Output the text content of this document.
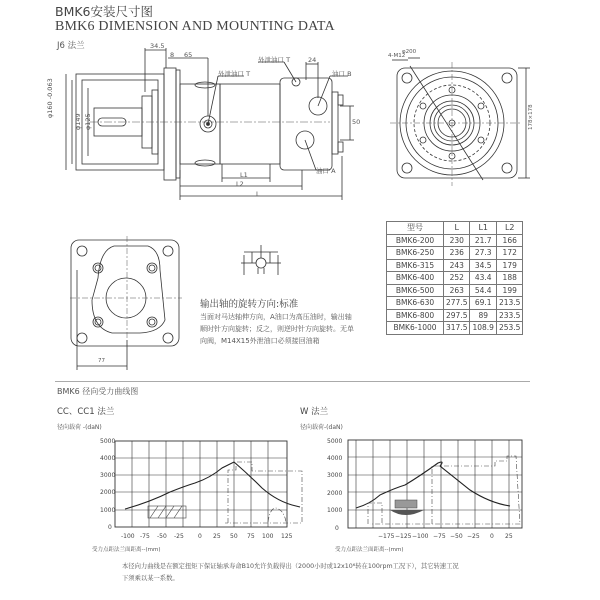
BMK6安装尺寸图
BMK6 DIMENSION AND MOUNTING DATA
J6 法兰	34.5
65
8
24
50
L1
L2
L
φ160 -0.063
φ149 φ125
外泄油口 T
外泄油口 T
油口 B
油口 A
4-M12
φ200
178×178
77
输出轴的旋转方向:标准
当面对马达轴伸方向，A油口为高压油时，输出轴
顺时针方向旋转；反之，则逆时针方向旋转。无单
向阀，M14X15外泄油口必须接回油箱
型号	L	L1	L2
BMK6-200	230	21.7	166
BMK6-250	236	27.3	172
BMK6-315	243	34.5	179
BMK6-400	252	43.4	188
BMK6-500	263	54.4	199
BMK6-630	277.5	69.1	213.5
BMK6-800	297.5	89	233.5
BMK6-1000	317.5	108.9	253.5
BMK6 径向受力曲线图
CC、CC1 法兰
径向载荷 -(daN)
5000
4000
3000
2000
1000
0
-100 -75 -50 -25 0 25 50 75 100 125
受力点距法兰面距离--(mm)
W 法兰
径向载荷-(daN)
5000
4000
3000
2000
1000
0
−175 −125 −100 −75 −50 −25 0 25
受力点距法兰面距离--(mm)
本径向力曲线是在额定扭矩下保证轴承寿命B10允许负载得出（2000小时或12x10⁶转在100rpm工况下），其它转速工况
下须乘以某一系数。
